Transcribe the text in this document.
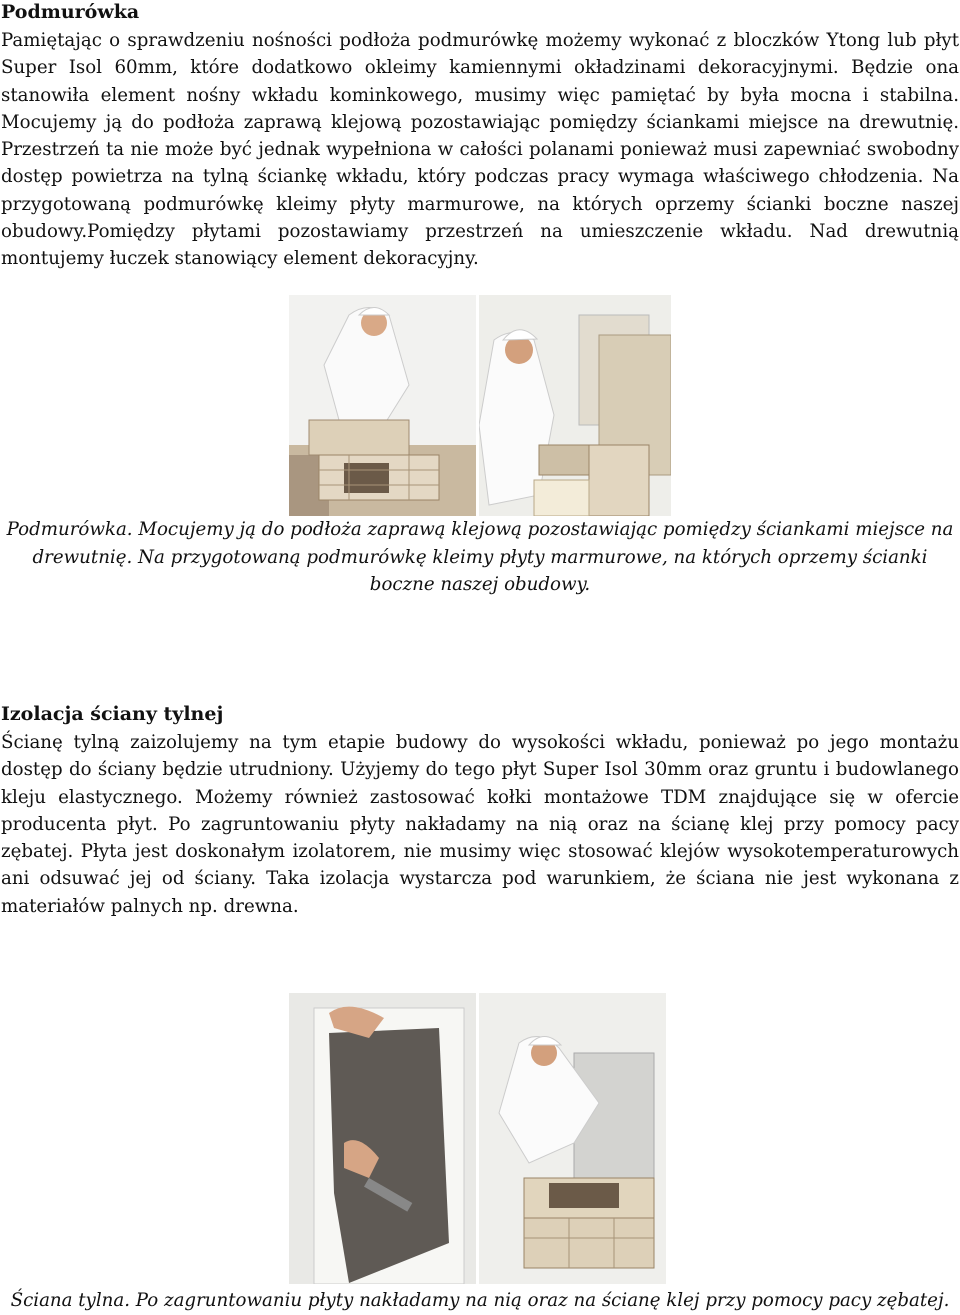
Podmurówka

Pamiętając o sprawdzeniu nośności podłoża podmurówkę możemy wykonać z bloczków Ytong lub płyt Super Isol 60mm, które dodatkowo okleimy kamiennymi okładzinami dekoracyjnymi. Będzie ona stanowiła element nośny wkładu kominkowego, musimy więc pamiętać by była mocna i stabilna. Mocujemy ją do podłoża zaprawą klejową pozostawiając pomiędzy ściankami miejsce na drewutnię. Przestrzeń ta nie może być jednak wypełniona w całości polanami ponieważ musi zapewniać swobodny dostęp powietrza na tylną ściankę wkładu, który podczas pracy wymaga właściwego chłodzenia. Na przygotowaną podmurówkę kleimy płyty marmurowe, na których oprzemy ścianki boczne naszej obudowy.Pomiędzy płytami pozostawiamy przestrzeń na umieszczenie wkładu. Nad drewutnią montujemy łuczek stanowiący element dekoracyjny.

Podmurówka. Mocujemy ją do podłoża zaprawą klejową pozostawiając pomiędzy ściankami miejsce na drewutnię. Na przygotowaną podmurówkę kleimy płyty marmurowe, na których oprzemy ścianki boczne naszej obudowy.

Izolacja ściany tylnej

Ścianę tylną zaizolujemy na tym etapie budowy do wysokości wkładu, ponieważ po jego montażu dostęp do ściany będzie utrudniony. Użyjemy do tego płyt Super Isol 30mm oraz gruntu i budowlanego kleju elastycznego. Możemy również zastosować kołki montażowe TDM znajdujące się w ofercie producenta płyt. Po zagruntowaniu płyty nakładamy na nią oraz na ścianę klej przy pomocy pacy zębatej. Płyta jest doskonałym izolatorem, nie musimy więc stosować klejów wysokotemperaturowych ani odsuwać jej od ściany. Taka izolacja wystarcza pod warunkiem, że ściana nie jest wykonana z materiałów palnych np. drewna.

Ściana tylna. Po zagruntowaniu płyty nakładamy na nią oraz na ścianę klej przy pomocy pacy zębatej.
